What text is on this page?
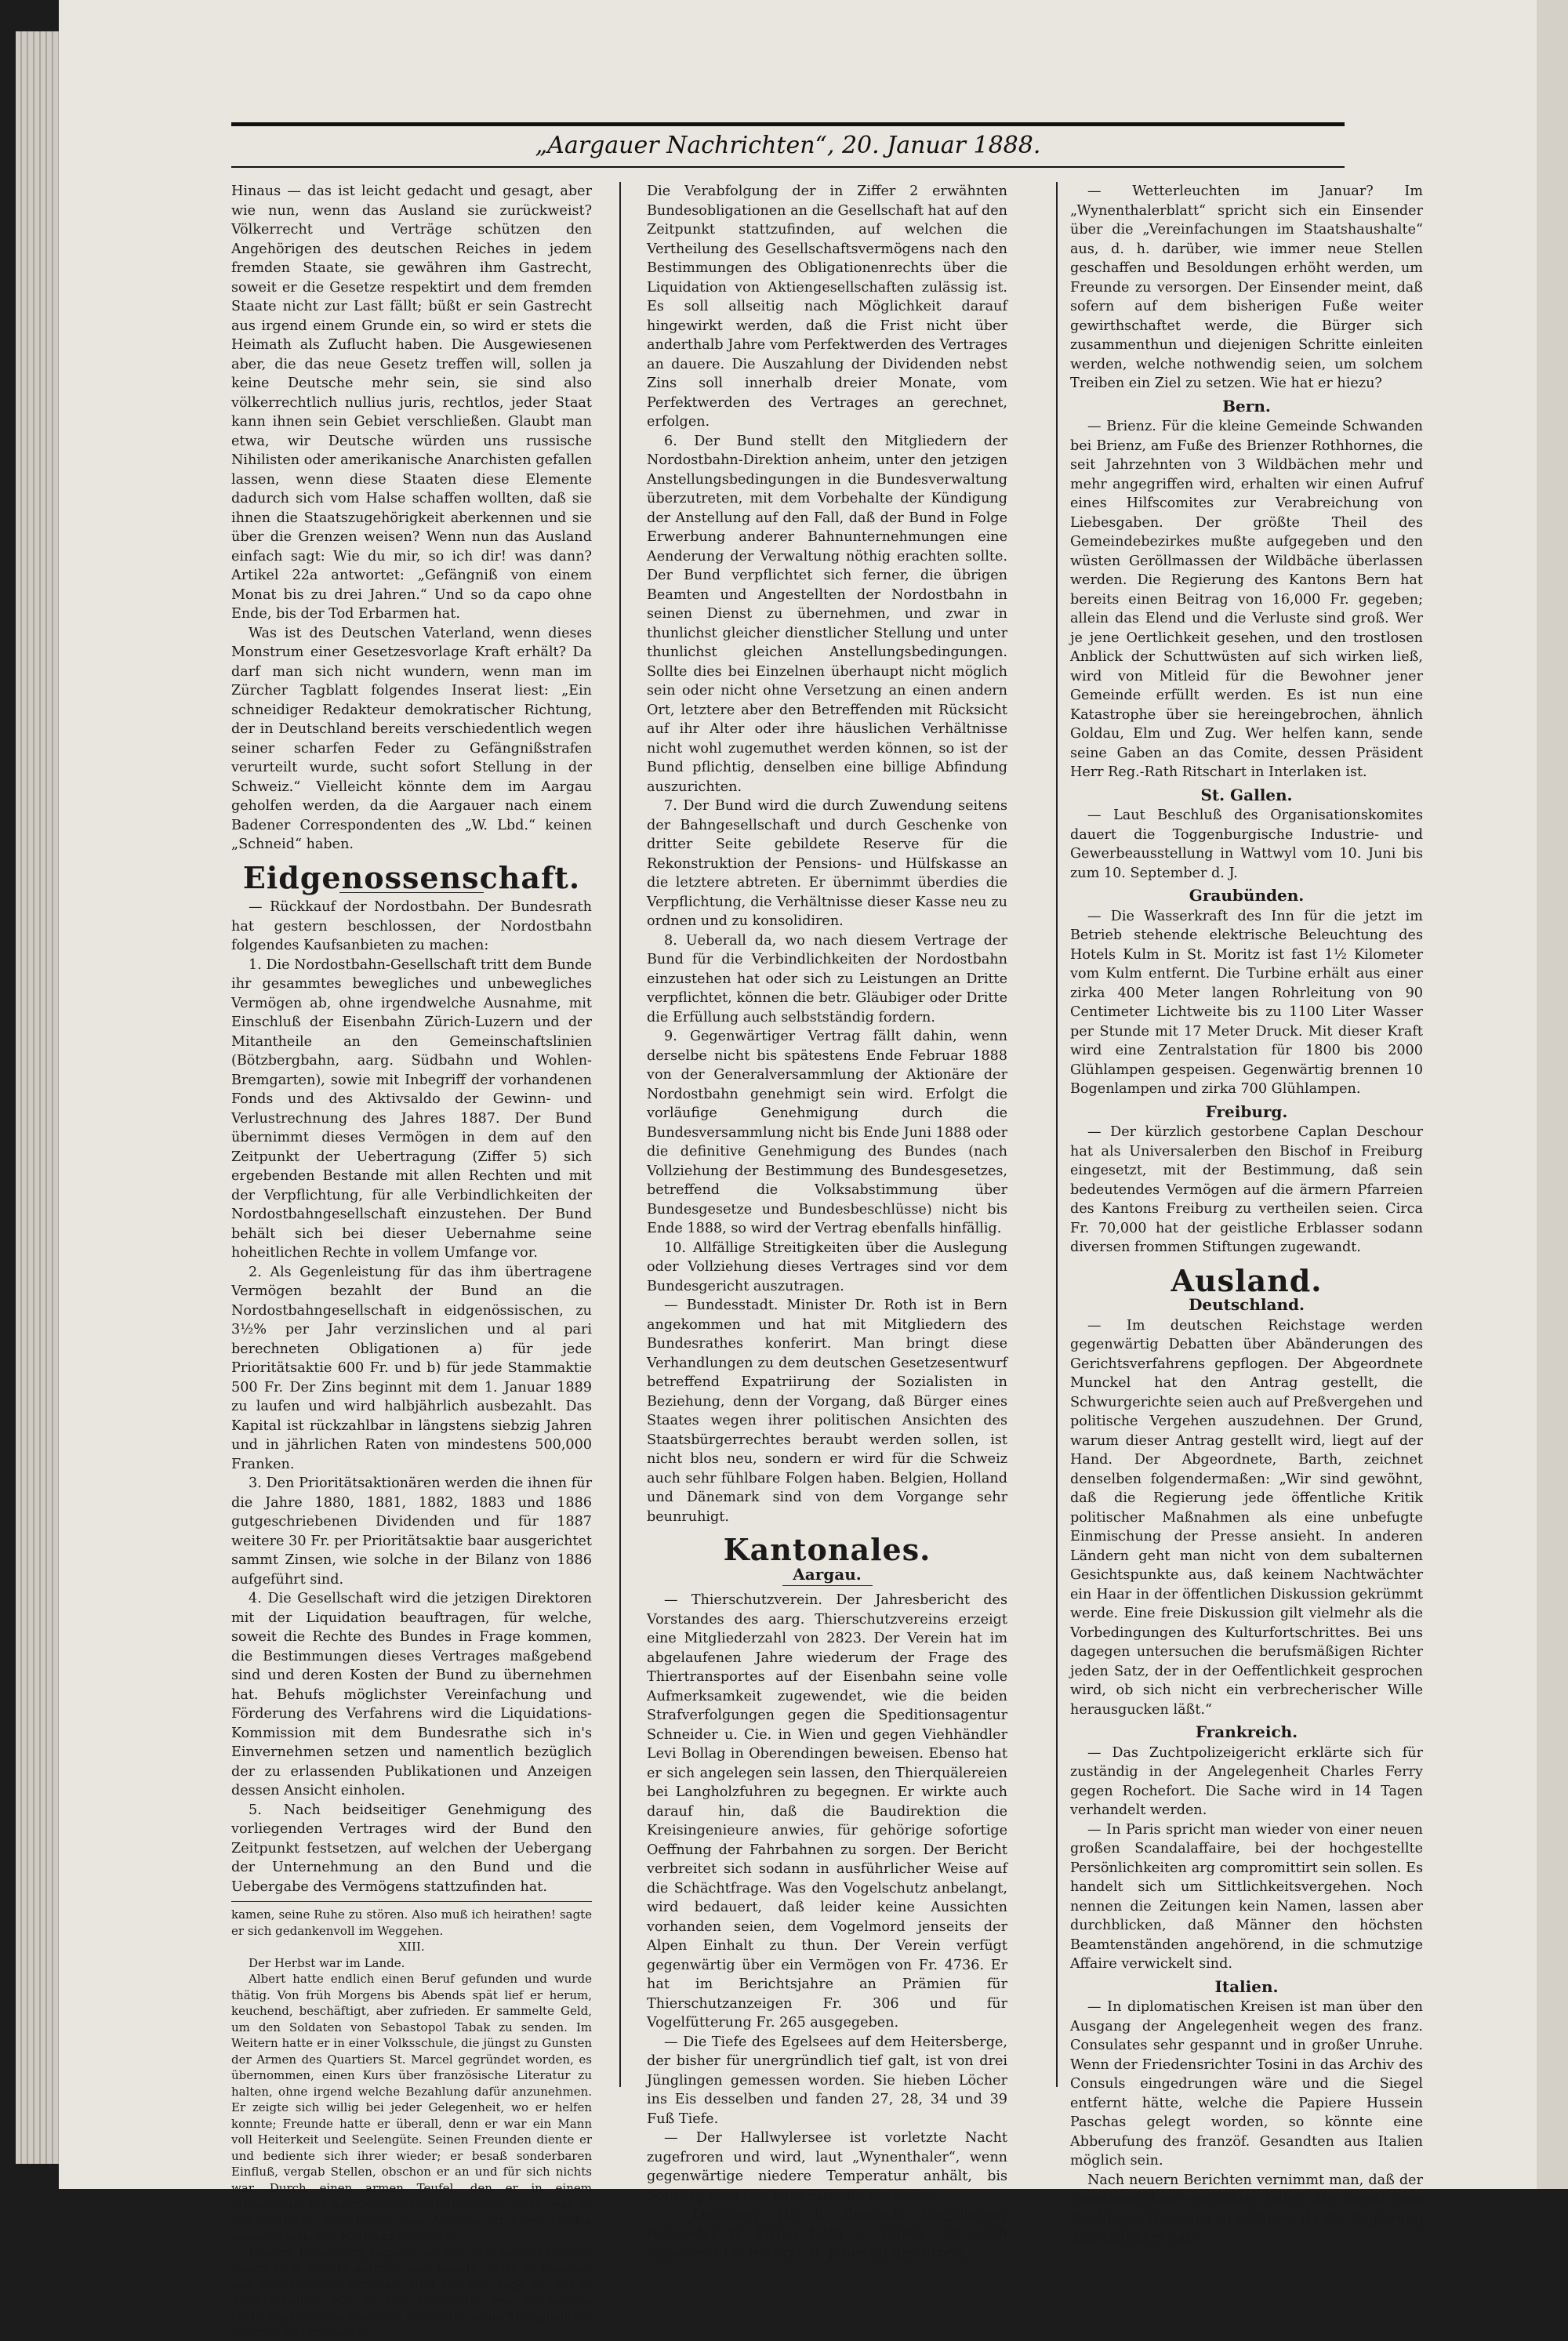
„Aargauer Nachrichten“, 20. Januar 1888.

Hinaus — das ist leicht gedacht und gesagt, aber wie nun, wenn das Ausland sie zurückweist? Völkerrecht und Verträge schützen den Angehörigen des deutschen Reiches in jedem fremden Staate, sie gewähren ihm Gastrecht, soweit er die Gesetze respektirt und dem fremden Staate nicht zur Last fällt; büßt er sein Gastrecht aus irgend einem Grunde ein, so wird er stets die Heimath als Zuflucht haben. Die Ausgewiesenen aber, die das neue Gesetz treffen will, sollen ja keine Deutsche mehr sein, sie sind also völkerrechtlich nullius juris, rechtlos, jeder Staat kann ihnen sein Gebiet verschließen. Glaubt man etwa, wir Deutsche würden uns russische Nihilisten oder amerikanische Anarchisten gefallen lassen, wenn diese Staaten diese Elemente dadurch sich vom Halse schaffen wollten, daß sie ihnen die Staatszugehörigkeit aberkennen und sie über die Grenzen weisen? Wenn nun das Ausland einfach sagt: Wie du mir, so ich dir! was dann? Artikel 22a antwortet: „Gefängniß von einem Monat bis zu drei Jahren.“ Und so da capo ohne Ende, bis der Tod Erbarmen hat.

Was ist des Deutschen Vaterland, wenn dieses Monstrum einer Gesetzesvorlage Kraft erhält? Da darf man sich nicht wundern, wenn man im Zürcher Tagblatt folgendes Inserat liest: „Ein schneidiger Redakteur demokratischer Richtung, der in Deutschland bereits verschiedentlich wegen seiner scharfen Feder zu Gefängnißstrafen verurteilt wurde, sucht sofort Stellung in der Schweiz.“ Vielleicht könnte dem im Aargau geholfen werden, da die Aargauer nach einem Badener Correspondenten des „W. Lbd.“ keinen „Schneid“ haben.

Eidgenossenschaft.

— Rückkauf der Nordostbahn. Der Bundesrath hat gestern beschlossen, der Nordostbahn folgendes Kaufsanbieten zu machen:

1. Die Nordostbahn-Gesellschaft tritt dem Bunde ihr gesammtes bewegliches und unbewegliches Vermögen ab, ohne irgendwelche Ausnahme, mit Einschluß der Eisenbahn Zürich-Luzern und der Mitantheile an den Gemeinschaftslinien (Bötzbergbahn, aarg. Südbahn und Wohlen-Bremgarten), sowie mit Inbegriff der vorhandenen Fonds und des Aktivsaldo der Gewinn- und Verlustrechnung des Jahres 1887. Der Bund übernimmt dieses Vermögen in dem auf den Zeitpunkt der Uebertragung (Ziffer 5) sich ergebenden Bestande mit allen Rechten und mit der Verpflichtung, für alle Verbindlichkeiten der Nordostbahngesellschaft einzustehen. Der Bund behält sich bei dieser Uebernahme seine hoheitlichen Rechte in vollem Umfange vor.

2. Als Gegenleistung für das ihm übertragene Vermögen bezahlt der Bund an die Nordostbahngesellschaft in eidgenössischen, zu 3½% per Jahr verzinslichen und al pari berechneten Obligationen a) für jede Prioritätsaktie 600 Fr. und b) für jede Stammaktie 500 Fr. Der Zins beginnt mit dem 1. Januar 1889 zu laufen und wird halbjährlich ausbezahlt. Das Kapital ist rückzahlbar in längstens siebzig Jahren und in jährlichen Raten von mindestens 500,000 Franken.

3. Den Prioritätsaktionären werden die ihnen für die Jahre 1880, 1881, 1882, 1883 und 1886 gutgeschriebenen Dividenden und für 1887 weitere 30 Fr. per Prioritätsaktie baar ausgerichtet sammt Zinsen, wie solche in der Bilanz von 1886 aufgeführt sind.

4. Die Gesellschaft wird die jetzigen Direktoren mit der Liquidation beauftragen, für welche, soweit die Rechte des Bundes in Frage kommen, die Bestimmungen dieses Vertrages maßgebend sind und deren Kosten der Bund zu übernehmen hat. Behufs möglichster Vereinfachung und Förderung des Verfahrens wird die Liquidations-Kommission mit dem Bundesrathe sich in's Einvernehmen setzen und namentlich bezüglich der zu erlassenden Publikationen und Anzeigen dessen Ansicht einholen.

5. Nach beidseitiger Genehmigung des vorliegenden Vertrages wird der Bund den Zeitpunkt festsetzen, auf welchen der Uebergang der Unternehmung an den Bund und die Uebergabe des Vermögens stattzufinden hat.

kamen, seine Ruhe zu stören. Also muß ich heirathen! sagte er sich gedankenvoll im Weggehen.

XIII.

Der Herbst war im Lande.

Albert hatte endlich einen Beruf gefunden und wurde thätig. Von früh Morgens bis Abends spät lief er herum, keuchend, beschäftigt, aber zufrieden. Er sammelte Geld, um den Soldaten von Sebastopol Tabak zu senden. Im Weitern hatte er in einer Volksschule, die jüngst zu Gunsten der Armen des Quartiers St. Marcel gegründet worden, es übernommen, einen Kurs über französische Literatur zu halten, ohne irgend welche Bezahlung dafür anzunehmen. Er zeigte sich willig bei jeder Gelegenheit, wo er helfen konnte; Freunde hatte er überall, denn er war ein Mann voll Heiterkeit und Seelengüte. Seinen Freunden diente er und bediente sich ihrer wieder; er besaß sonderbaren Einfluß, vergab Stellen, obschon er an und für sich nichts war. Durch einen armen Teufel, den er in einem Ministerium als Kanzleidiener untergebracht hatte, war es ihm geglückt, vom Kaiser eine Audienz für einen Genfer auszuwirken, den Millionär geworden.

Unsern Bekannten Rigault, so wie alle seine Freunde, denen er in Nichts nützlich sein konnte, hatte er gänzlich aus dem Gesichte verloren. Und von den Tage an, wo er Alles erhalten, was er sich vorgesetzt, war sie seinem Gedächtnisse entschwunden, da er für seine Thätigkeit ein anderes Ziel gefunden.

Die Verabfolgung der in Ziffer 2 erwähnten Bundesobligationen an die Gesellschaft hat auf den Zeitpunkt stattzufinden, auf welchen die Vertheilung des Gesellschaftsvermögens nach den Bestimmungen des Obligationenrechts über die Liquidation von Aktiengesellschaften zulässig ist. Es soll allseitig nach Möglichkeit darauf hingewirkt werden, daß die Frist nicht über anderthalb Jahre vom Perfektwerden des Vertrages an dauere. Die Auszahlung der Dividenden nebst Zins soll innerhalb dreier Monate, vom Perfektwerden des Vertrages an gerechnet, erfolgen.

6. Der Bund stellt den Mitgliedern der Nordostbahn-Direktion anheim, unter den jetzigen Anstellungsbedingungen in die Bundesverwaltung überzutreten, mit dem Vorbehalte der Kündigung der Anstellung auf den Fall, daß der Bund in Folge Erwerbung anderer Bahnunternehmungen eine Aenderung der Verwaltung nöthig erachten sollte. Der Bund verpflichtet sich ferner, die übrigen Beamten und Angestellten der Nordostbahn in seinen Dienst zu übernehmen, und zwar in thunlichst gleicher dienstlicher Stellung und unter thunlichst gleichen Anstellungsbedingungen. Sollte dies bei Einzelnen überhaupt nicht möglich sein oder nicht ohne Versetzung an einen andern Ort, letztere aber den Betreffenden mit Rücksicht auf ihr Alter oder ihre häuslichen Verhältnisse nicht wohl zugemuthet werden können, so ist der Bund pflichtig, denselben eine billige Abfindung auszurichten.

7. Der Bund wird die durch Zuwendung seitens der Bahngesellschaft und durch Geschenke von dritter Seite gebildete Reserve für die Rekonstruktion der Pensions- und Hülfskasse an die letztere abtreten. Er übernimmt überdies die Verpflichtung, die Verhältnisse dieser Kasse neu zu ordnen und zu konsolidiren.

8. Ueberall da, wo nach diesem Vertrage der Bund für die Verbindlichkeiten der Nordostbahn einzustehen hat oder sich zu Leistungen an Dritte verpflichtet, können die betr. Gläubiger oder Dritte die Erfüllung auch selbstständig fordern.

9. Gegenwärtiger Vertrag fällt dahin, wenn derselbe nicht bis spätestens Ende Februar 1888 von der Generalversammlung der Aktionäre der Nordostbahn genehmigt sein wird. Erfolgt die vorläufige Genehmigung durch die Bundesversammlung nicht bis Ende Juni 1888 oder die definitive Genehmigung des Bundes (nach Vollziehung der Bestimmung des Bundesgesetzes, betreffend die Volksabstimmung über Bundesgesetze und Bundesbeschlüsse) nicht bis Ende 1888, so wird der Vertrag ebenfalls hinfällig.

10. Allfällige Streitigkeiten über die Auslegung oder Vollziehung dieses Vertrages sind vor dem Bundesgericht auszutragen.

— Bundesstadt. Minister Dr. Roth ist in Bern angekommen und hat mit Mitgliedern des Bundesrathes konferirt. Man bringt diese Verhandlungen zu dem deutschen Gesetzesentwurf betreffend Expatriirung der Sozialisten in Beziehung, denn der Vorgang, daß Bürger eines Staates wegen ihrer politischen Ansichten des Staatsbürgerrechtes beraubt werden sollen, ist nicht blos neu, sondern er wird für die Schweiz auch sehr fühlbare Folgen haben. Belgien, Holland und Dänemark sind von dem Vorgange sehr beunruhigt.

Kantonales.
Aargau.

— Thierschutzverein. Der Jahresbericht des Vorstandes des aarg. Thierschutzvereins erzeigt eine Mitgliederzahl von 2823. Der Verein hat im abgelaufenen Jahre wiederum der Frage des Thiertransportes auf der Eisenbahn seine volle Aufmerksamkeit zugewendet, wie die beiden Strafverfolgungen gegen die Speditionsagentur Schneider u. Cie. in Wien und gegen Viehhändler Levi Bollag in Oberendingen beweisen. Ebenso hat er sich angelegen sein lassen, den Thierquälereien bei Langholzfuhren zu begegnen. Er wirkte auch darauf hin, daß die Baudirektion die Kreisingenieure anwies, für gehörige sofortige Oeffnung der Fahrbahnen zu sorgen. Der Bericht verbreitet sich sodann in ausführlicher Weise auf die Schächtfrage. Was den Vogelschutz anbelangt, wird bedauert, daß leider keine Aussichten vorhanden seien, dem Vogelmord jenseits der Alpen Einhalt zu thun. Der Verein verfügt gegenwärtig über ein Vermögen von Fr. 4736. Er hat im Berichtsjahre an Prämien für Thierschutzanzeigen Fr. 306 und für Vogelfütterung Fr. 265 ausgegeben.

— Die Tiefe des Egelsees auf dem Heitersberge, der bisher für unergründlich tief galt, ist von drei Jünglingen gemessen worden. Sie hieben Löcher ins Eis desselben und fanden 27, 28, 34 und 39 Fuß Tiefe.

— Der Hallwylersee ist vorletzte Nacht zugefroren und wird, laut „Wynenthaler“, wenn gegenwärtige niedere Temperatur anhält, bis Sonntag eine fahrbare Eisbahn darbieten.

— Lenzburg. Hr. B. Bonäsch, langjähriger Reisender in Firma Roth u. Comp., ist nach schwerem Leiden erst 48 Jahre alt gestorben.

— Wetterleuchten im Januar? Im „Wynenthalerblatt“ spricht sich ein Einsender über die „Vereinfachungen im Staatshaushalte“ aus, d. h. darüber, wie immer neue Stellen geschaffen und Besoldungen erhöht werden, um Freunde zu versorgen. Der Einsender meint, daß sofern auf dem bisherigen Fuße weiter gewirthschaftet werde, die Bürger sich zusammenthun und diejenigen Schritte einleiten werden, welche nothwendig seien, um solchem Treiben ein Ziel zu setzen. Wie hat er hiezu?

Bern.

— Brienz. Für die kleine Gemeinde Schwanden bei Brienz, am Fuße des Brienzer Rothhornes, die seit Jahrzehnten von 3 Wildbächen mehr und mehr angegriffen wird, erhalten wir einen Aufruf eines Hilfscomites zur Verabreichung von Liebesgaben. Der größte Theil des Gemeindebezirkes mußte aufgegeben und den wüsten Geröllmassen der Wildbäche überlassen werden. Die Regierung des Kantons Bern hat bereits einen Beitrag von 16,000 Fr. gegeben; allein das Elend und die Verluste sind groß. Wer je jene Oertlichkeit gesehen, und den trostlosen Anblick der Schuttwüsten auf sich wirken ließ, wird von Mitleid für die Bewohner jener Gemeinde erfüllt werden. Es ist nun eine Katastrophe über sie hereingebrochen, ähnlich Goldau, Elm und Zug. Wer helfen kann, sende seine Gaben an das Comite, dessen Präsident Herr Reg.-Rath Ritschart in Interlaken ist.

St. Gallen.

— Laut Beschluß des Organisationskomites dauert die Toggenburgische Industrie- und Gewerbeausstellung in Wattwyl vom 10. Juni bis zum 10. September d. J.

Graubünden.

— Die Wasserkraft des Inn für die jetzt im Betrieb stehende elektrische Beleuchtung des Hotels Kulm in St. Moritz ist fast 1½ Kilometer vom Kulm entfernt. Die Turbine erhält aus einer zirka 400 Meter langen Rohrleitung von 90 Centimeter Lichtweite bis zu 1100 Liter Wasser per Stunde mit 17 Meter Druck. Mit dieser Kraft wird eine Zentralstation für 1800 bis 2000 Glühlampen gespeisen. Gegenwärtig brennen 10 Bogenlampen und zirka 700 Glühlampen.

Freiburg.

— Der kürzlich gestorbene Caplan Deschour hat als Universalerben den Bischof in Freiburg eingesetzt, mit der Bestimmung, daß sein bedeutendes Vermögen auf die ärmern Pfarreien des Kantons Freiburg zu vertheilen seien. Circa Fr. 70,000 hat der geistliche Erblasser sodann diversen frommen Stiftungen zugewandt.

Ausland.
Deutschland.

— Im deutschen Reichstage werden gegenwärtig Debatten über Abänderungen des Gerichtsverfahrens gepflogen. Der Abgeordnete Munckel hat den Antrag gestellt, die Schwurgerichte seien auch auf Preßvergehen und politische Vergehen auszudehnen. Der Grund, warum dieser Antrag gestellt wird, liegt auf der Hand. Der Abgeordnete, Barth, zeichnet denselben folgendermaßen: „Wir sind gewöhnt, daß die Regierung jede öffentliche Kritik politischer Maßnahmen als eine unbefugte Einmischung der Presse ansieht. In anderen Ländern geht man nicht von dem subalternen Gesichtspunkte aus, daß keinem Nachtwächter ein Haar in der öffentlichen Diskussion gekrümmt werde. Eine freie Diskussion gilt vielmehr als die Vorbedingungen des Kulturfortschrittes. Bei uns dagegen untersuchen die berufsmäßigen Richter jeden Satz, der in der Oeffentlichkeit gesprochen wird, ob sich nicht ein verbrecherischer Wille herausgucken läßt.“

Frankreich.

— Das Zuchtpolizeigericht erklärte sich für zuständig in der Angelegenheit Charles Ferry gegen Rochefort. Die Sache wird in 14 Tagen verhandelt werden.

— In Paris spricht man wieder von einer neuen großen Scandalaffaire, bei der hochgestellte Persönlichkeiten arg compromittirt sein sollen. Es handelt sich um Sittlichkeitsvergehen. Noch nennen die Zeitungen kein Namen, lassen aber durchblicken, daß Männer den höchsten Beamtenständen angehörend, in die schmutzige Affaire verwickelt sind.

Italien.

— In diplomatischen Kreisen ist man über den Ausgang der Angelegenheit wegen des franz. Consulates sehr gespannt und in großer Unruhe. Wenn der Friedensrichter Tosini in das Archiv des Consuls eingedrungen wäre und die Siegel entfernt hätte, welche die Papiere Hussein Paschas gelegt worden, so könnte eine Abberufung des franzöf. Gesandten aus Italien möglich sein.

Nach neuern Berichten vernimmt man, daß der Friedensrichter verzichtet habe, die Siegel vom Nachlasse Husseins zu nehmen, da die Regierung dies befohlen habe.
